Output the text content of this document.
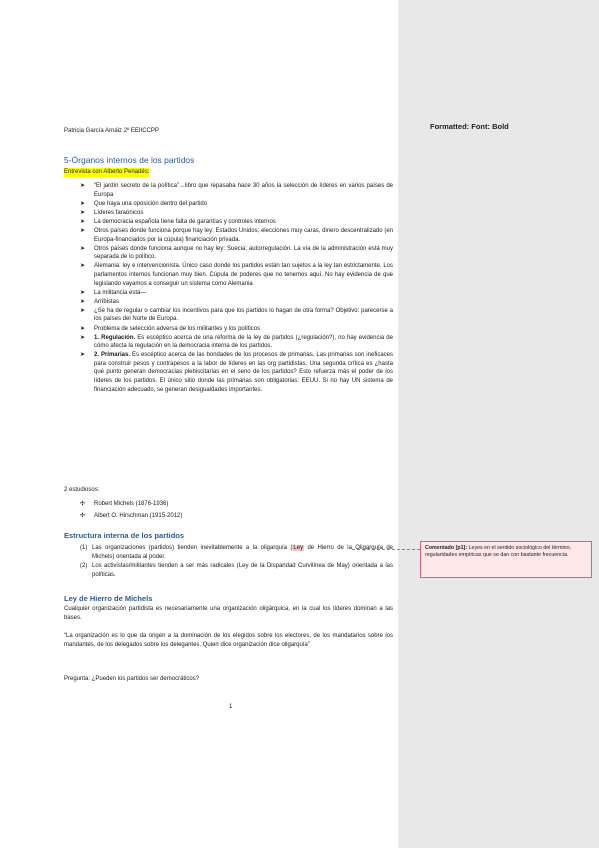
Formatted: Font: Bold
Patricia García Arnáiz 2º EEIICCPP
5-Órganos internos de los partidos
Entrevista con Alberto Penadés:
➤ “El jardín secreto de la política”→libro que repasaba hace 30 años la selección de líderes en varios países de Europa
➤ Que haya una oposición dentro del partido
➤ Líderes faraónicos
➤ La democracia española tiene falta de garantías y controles internos
➤ Otros países donde funciona porque hay ley: Estados Unidos; elecciones muy caras, dinero descentralizado (en Europa-financiados por la cúpula) financiación privada.
➤ Otros países donde funciona aunque no hay ley: Suecia; autorregulación. La vía de la administración está muy separada de lo político.
➤ Alemania: ley e intervencionista. Único caso donde los partidos están tan sujetos a la ley tan estrictamente. Los parlamentos internos funcionan muy bien. Cúpula de poderes que no tenemos aquí. No hay evidencia de que legislando vayamos a conseguir un sistema como Alemania
➤ La militancia está—
➤ Arribistas
➤ ¿Se ha de regular o cambiar los incentivos para que los partidos lo hagan de otra forma? Objetivo: parecerse a los países del Norte de Europa.
➤ Problema de selección adversa de los militantes y los políticos
➤ 1. Regulación. Es escéptico acerca de una reforma de la ley de partidos (¿regulación?), no hay evidencia de cómo afecta la regulación en la democracia interna de los partidos.
➤ 2. Primarias. Es escéptico acerca de las bondades de los procesos de primarias. Las primarias son ineficaces para construir pesos y contrapesos a la labor de líderes en las org partidistas. Una segunda crítica es ¿hasta qué punto generan democracias plebiscitarias en el seno de los partidos? Esto refuerza más el poder de los líderes de los partidos. El único sitio donde las primarias son obligatorias: EEUU. Si no hay UN sistema de financiación adecuado, se generan desigualdades importantes.
2 estudiosos:
✣ Robert Michels (1876-1936)
✣ Albert O. Hirschman (1915-2012)
Estructura interna de los partidos
(1) Las organizaciones (partidos) tienden inevitablemente a la oligarquía (Ley de Hierro de la Oligarquía de Michels) orientada al poder.
(2) Los activistas/militantes tienden a ser más radicales (Ley de la Disparidad Curvilínea de May) orientada a las políticas.
Ley de Hierro de Michels
Cualquier organización partidista es necesariamente una organización oligárquica, en la cual los líderes dominan a las bases.
“La organización es lo que da origen a la dominación de los elegidos sobre los electores, de los mandatarios sobre los mandantes, de los delegados sobre los delegantes. Quien dice organización dice oligarquía”
Pregunta: ¿Pueden los partidos ser democráticos?
1
Comentado [p1]: Leyes en el sentido sociológico del término, regularidades empíricas que se dan con bastante frecuencia.
